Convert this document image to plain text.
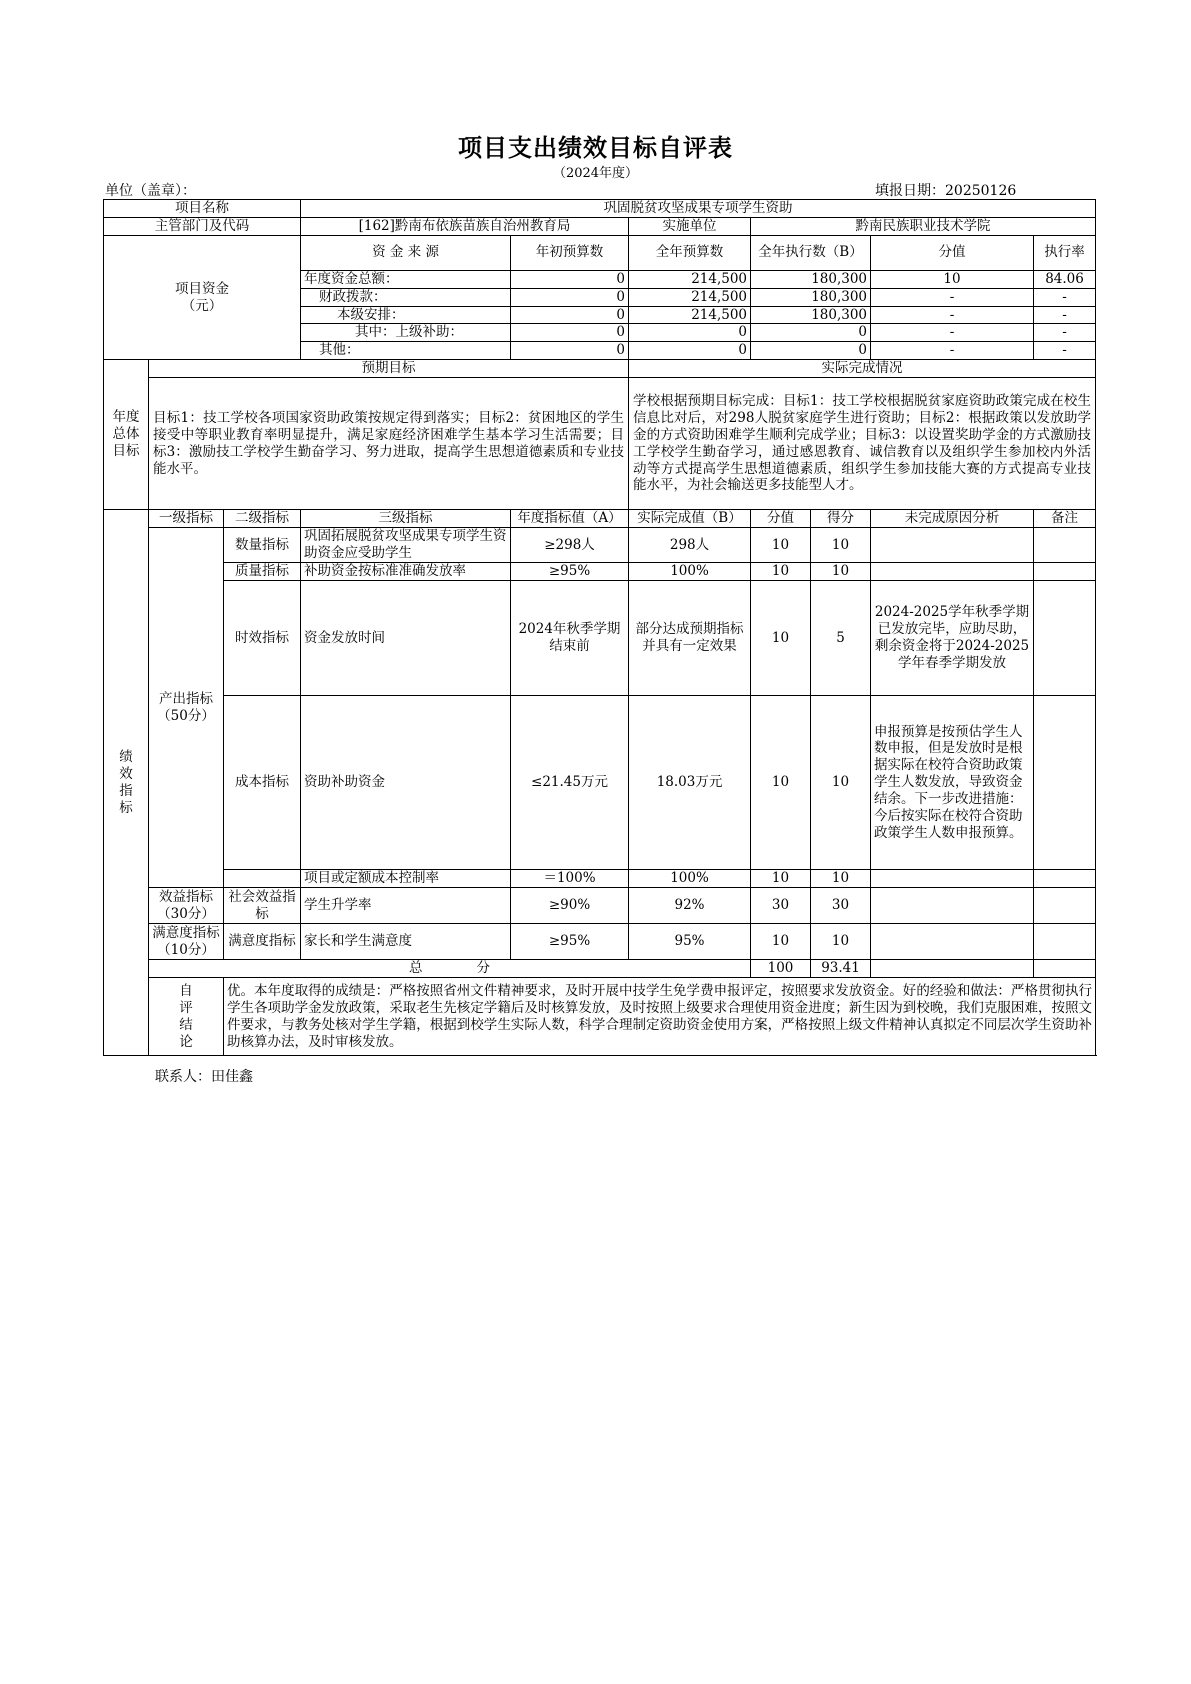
项目支出绩效目标自评表
（2024年度）
单位（盖章）：	填报日期：20250126
项目名称			巩固脱贫攻坚成果专项学生资助							
主管部门及代码			[162]黔南布依族苗族自治州教育局		实施单位	黔南民族职业技术学院				
项目资金
（元）			资 金 来 源	年初预算数	全年预算数	全年执行数（B）		分值	执行率	
			年度资金总额：	0	214,500	180,300		10	84.06	
			财政拨款：	0	214,500	180,300		-	-	
			本级安排：	0	214,500	180,300		-	-	
			其中：上级补助：	0	0	0		-	-	
			其他：	0	0	0		-	-	

年度总体目标	预期目标				实际完成情况					
	目标1：技工学校各项国家资助政策按规定得到落实；目标2：贫困地区的学生接受中等职业教育率明显提升，满足家庭经济困难学生基本学习生活需要；目标3：激励技工学校学生勤奋学习、努力进取，提高学生思想道德素质和专业技能水平。				学校根据预期目标完成：目标1：技工学校根据脱贫家庭资助政策完成在校生信息比对后，对298人脱贫家庭学生进行资助；目标2：根据政策以发放助学金的方式资助困难学生顺利完成学业；目标3：以设置奖助学金的方式激励技工学校学生勤奋学习，通过感恩教育、诚信教育以及组织学生参加校内外活动等方式提高学生思想道德素质，组织学生参加技能大赛的方式提高专业技能水平，为社会输送更多技能型人才。					

绩效指标	一级指标	二级指标	三级指标	年度指标值（A）	实际完成值（B）	分值	得分	未完成原因分析	备注	
	产出指标
（50分）	数量指标	巩固拓展脱贫攻坚成果专项学生资助资金应受助学生	≥298人	298人	10	10			
		质量指标	补助资金按标准准确发放率	≥95%	100%	10	10			
		时效指标	资金发放时间	2024年秋季学期结束前	部分达成预期指标并具有一定效果	10	5	2024-2025学年秋季学期已发放完毕，应助尽助，剩余资金将于2024-2025学年春季学期发放		
		成本指标	资助补助资金	≤21.45万元	18.03万元	10	10	申报预算是按预估学生人数申报，但是发放时是根据实际在校符合资助政策学生人数发放，导致资金结余。下一步改进措施：今后按实际在校符合资助政策学生人数申报预算。		
			项目或定额成本控制率	＝100%	100%	10	10			
	效益指标（30分）	社会效益指标	学生升学率	≥90%	92%	30	30			
	满意度指标（10分）	满意度指标	家长和学生满意度	≥95%	95%	10	10			
	总　　　　分					100	93.41			

	自评结论	优。本年度取得的成绩是：严格按照省州文件精神要求，及时开展中技学生免学费申报评定，按照要求发放资金。好的经验和做法：严格贯彻执行学生各项助学金发放政策，采取老生先核定学籍后及时核算发放，及时按照上级要求合理使用资金进度；新生因为到校晚，我们克服困难，按照文件要求，与教务处核对学生学籍，根据到校学生实际人数，科学合理制定资助资金使用方案，严格按照上级文件精神认真拟定不同层次学生资助补助核算办法，及时审核发放。								
联系人：田佳鑫
